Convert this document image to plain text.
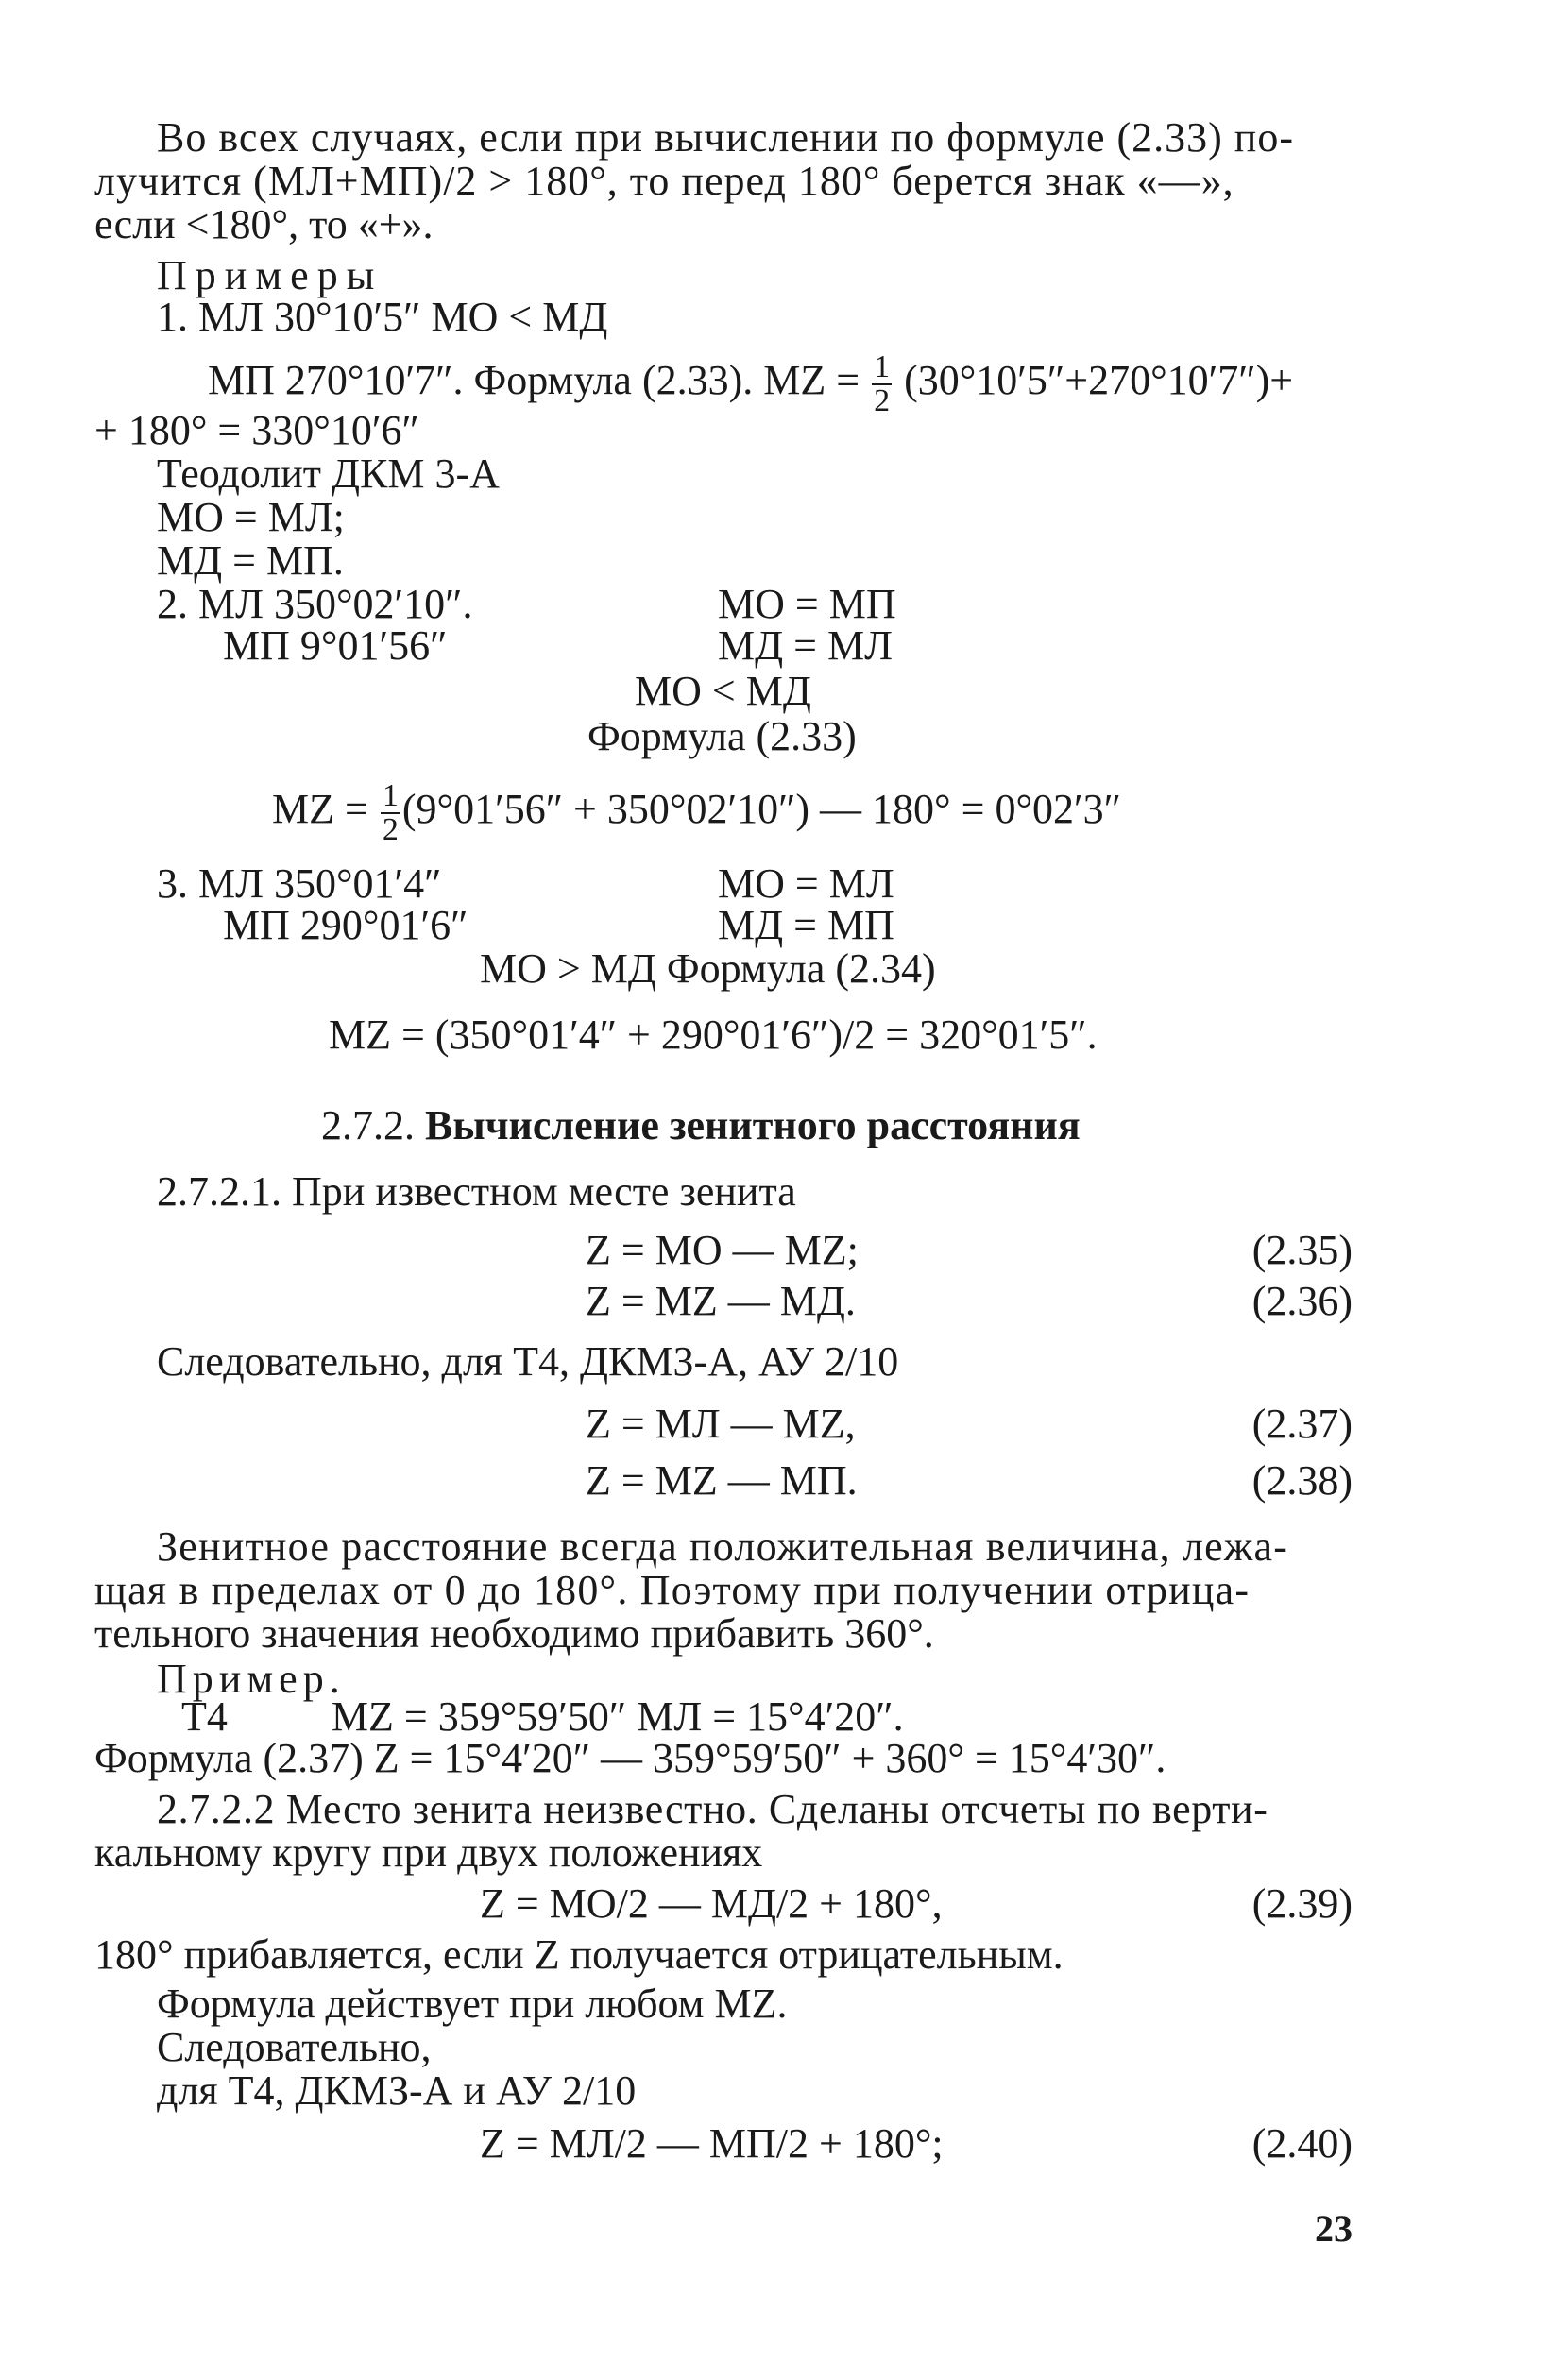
Во всех случаях, если при вычислении по формуле (2.33) по-
лучится (МЛ+МП)/2 > 180°, то перед 180° берется знак «—»,
если <180°, то «+».
Примеры
1. МЛ 30°10′5″ МО < МД
МП 270°10′7″. Формула (2.33). MZ = $\frac{1}{2} (30^\circ 10'5''+270^\circ 10'7'')+$
+ 180° = 330°10′6″
Теодолит ДКМ 3-А
МО = МЛ;
МД = МП.
2. МЛ 350°02′10″.	МО = МП
МП 9°01′56″	МД = МЛ
МО < МД
Формула (2.33)
MZ = $\frac{1}{2} (9^\circ 01'56'' + 350^\circ 02'10'')$ — 180° = 0°02′3″
3. МЛ 350°01′4″	МО = МЛ
МП 290°01′6″	МД = МП
МО > МД Формула (2.34)
MZ = (350°01′4″ + 290°01′6″)/2 = 320°01′5″.
2.7.2. Вычисление зенитного расстояния
2.7.2.1. При известном месте зенита
Z = МО — MZ;	(2.35)
Z = MZ — МД.	(2.36)
Следовательно, для Т4, ДКМЗ-А, АУ 2/10
Z = МЛ — MZ,	(2.37)
Z = MZ — МП.	(2.38)
Зенитное расстояние всегда положительная величина, лежа-
щая в пределах от 0 до 180°. Поэтому при получении отрица-
тельного значения необходимо прибавить 360°.
Пример.
Т4          MZ = 359°59′50″ МЛ = 15°4′20″.
Формула (2.37) Z = 15°4′20″ — 359°59′50″ + 360° = 15°4′30″.
2.7.2.2 Место зенита неизвестно. Сделаны отсчеты по верти-
кальному кругу при двух положениях
Z = МО/2 — МД/2 + 180°,	(2.39)
180° прибавляется, если Z получается отрицательным.
Формула действует при любом MZ.
Следовательно,
для Т4, ДКМЗ-А и АУ 2/10
Z = МЛ/2 — МП/2 + 180°;	(2.40)
23
